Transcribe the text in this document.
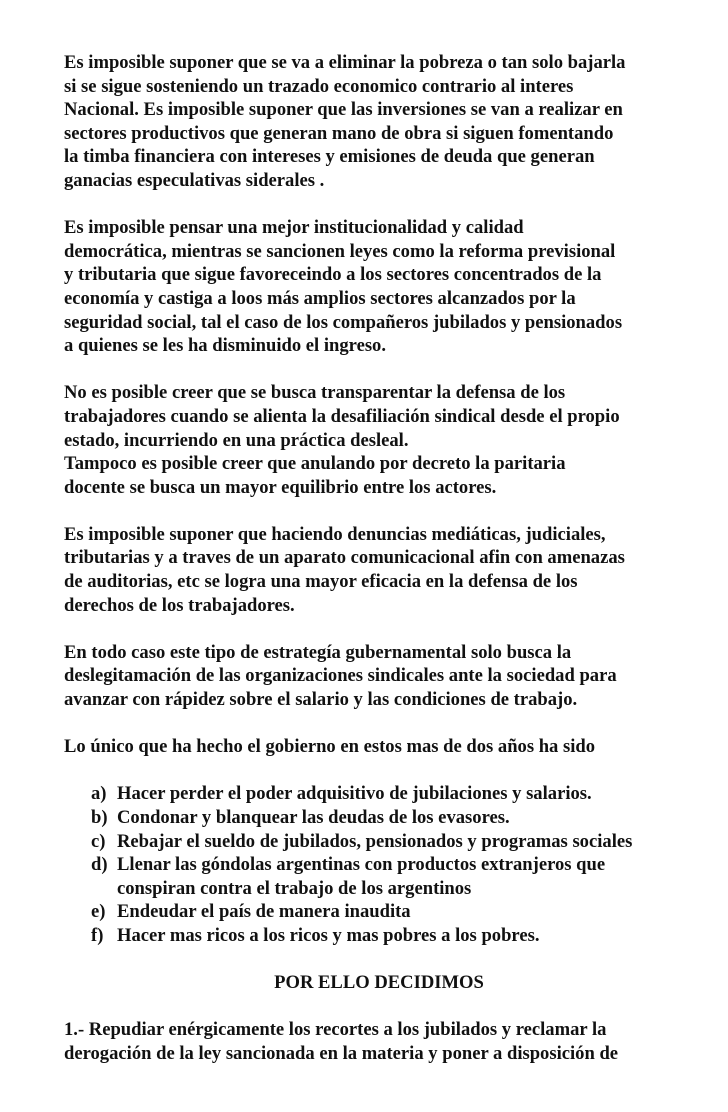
Es imposible suponer que se va a eliminar la pobreza o tan solo bajarla
si se sigue sosteniendo un trazado economico contrario al interes
Nacional. Es imposible suponer que las inversiones se van a realizar en
sectores productivos que generan mano de obra si siguen fomentando
la timba financiera con intereses y emisiones de deuda que generan
ganacias especulativas siderales .

Es imposible pensar una mejor institucionalidad y calidad
democrática, mientras se sancionen leyes como la reforma previsional
y tributaria que sigue favoreceindo a los sectores concentrados de la
economía y castiga a loos más amplios sectores alcanzados por la
seguridad social, tal el caso de los compañeros jubilados y pensionados
a quienes se les ha disminuido el ingreso.

No es posible creer que se busca transparentar la defensa de los
trabajadores cuando se alienta la desafiliación sindical desde el propio
estado, incurriendo en una práctica desleal.
Tampoco es posible creer que anulando por decreto la paritaria
docente se busca un mayor equilibrio entre los actores.

Es imposible suponer que haciendo denuncias mediáticas, judiciales,
tributarias y a traves de un aparato comunicacional afin con amenazas
de auditorias, etc se logra una mayor eficacia en la defensa de los
derechos de los trabajadores.

En todo caso este tipo de estrategía gubernamental solo busca la
deslegitamación de las organizaciones sindicales ante la sociedad para
avanzar con rápidez sobre el salario y las condiciones de trabajo.

Lo único que ha hecho el gobierno en estos mas de dos años ha sido

a) Hacer perder el poder adquisitivo de jubilaciones y salarios.
b) Condonar y blanquear las deudas de los evasores.
c) Rebajar el sueldo de jubilados, pensionados y programas sociales
d) Llenar las góndolas argentinas con productos extranjeros que
conspiran contra el trabajo de los argentinos
e) Endeudar el país de manera inaudita
f) Hacer mas ricos a los ricos y mas pobres a los pobres.

POR ELLO DECIDIMOS

1.- Repudiar enérgicamente los recortes a los jubilados y reclamar la
derogación de la ley sancionada en la materia y poner a disposición de
